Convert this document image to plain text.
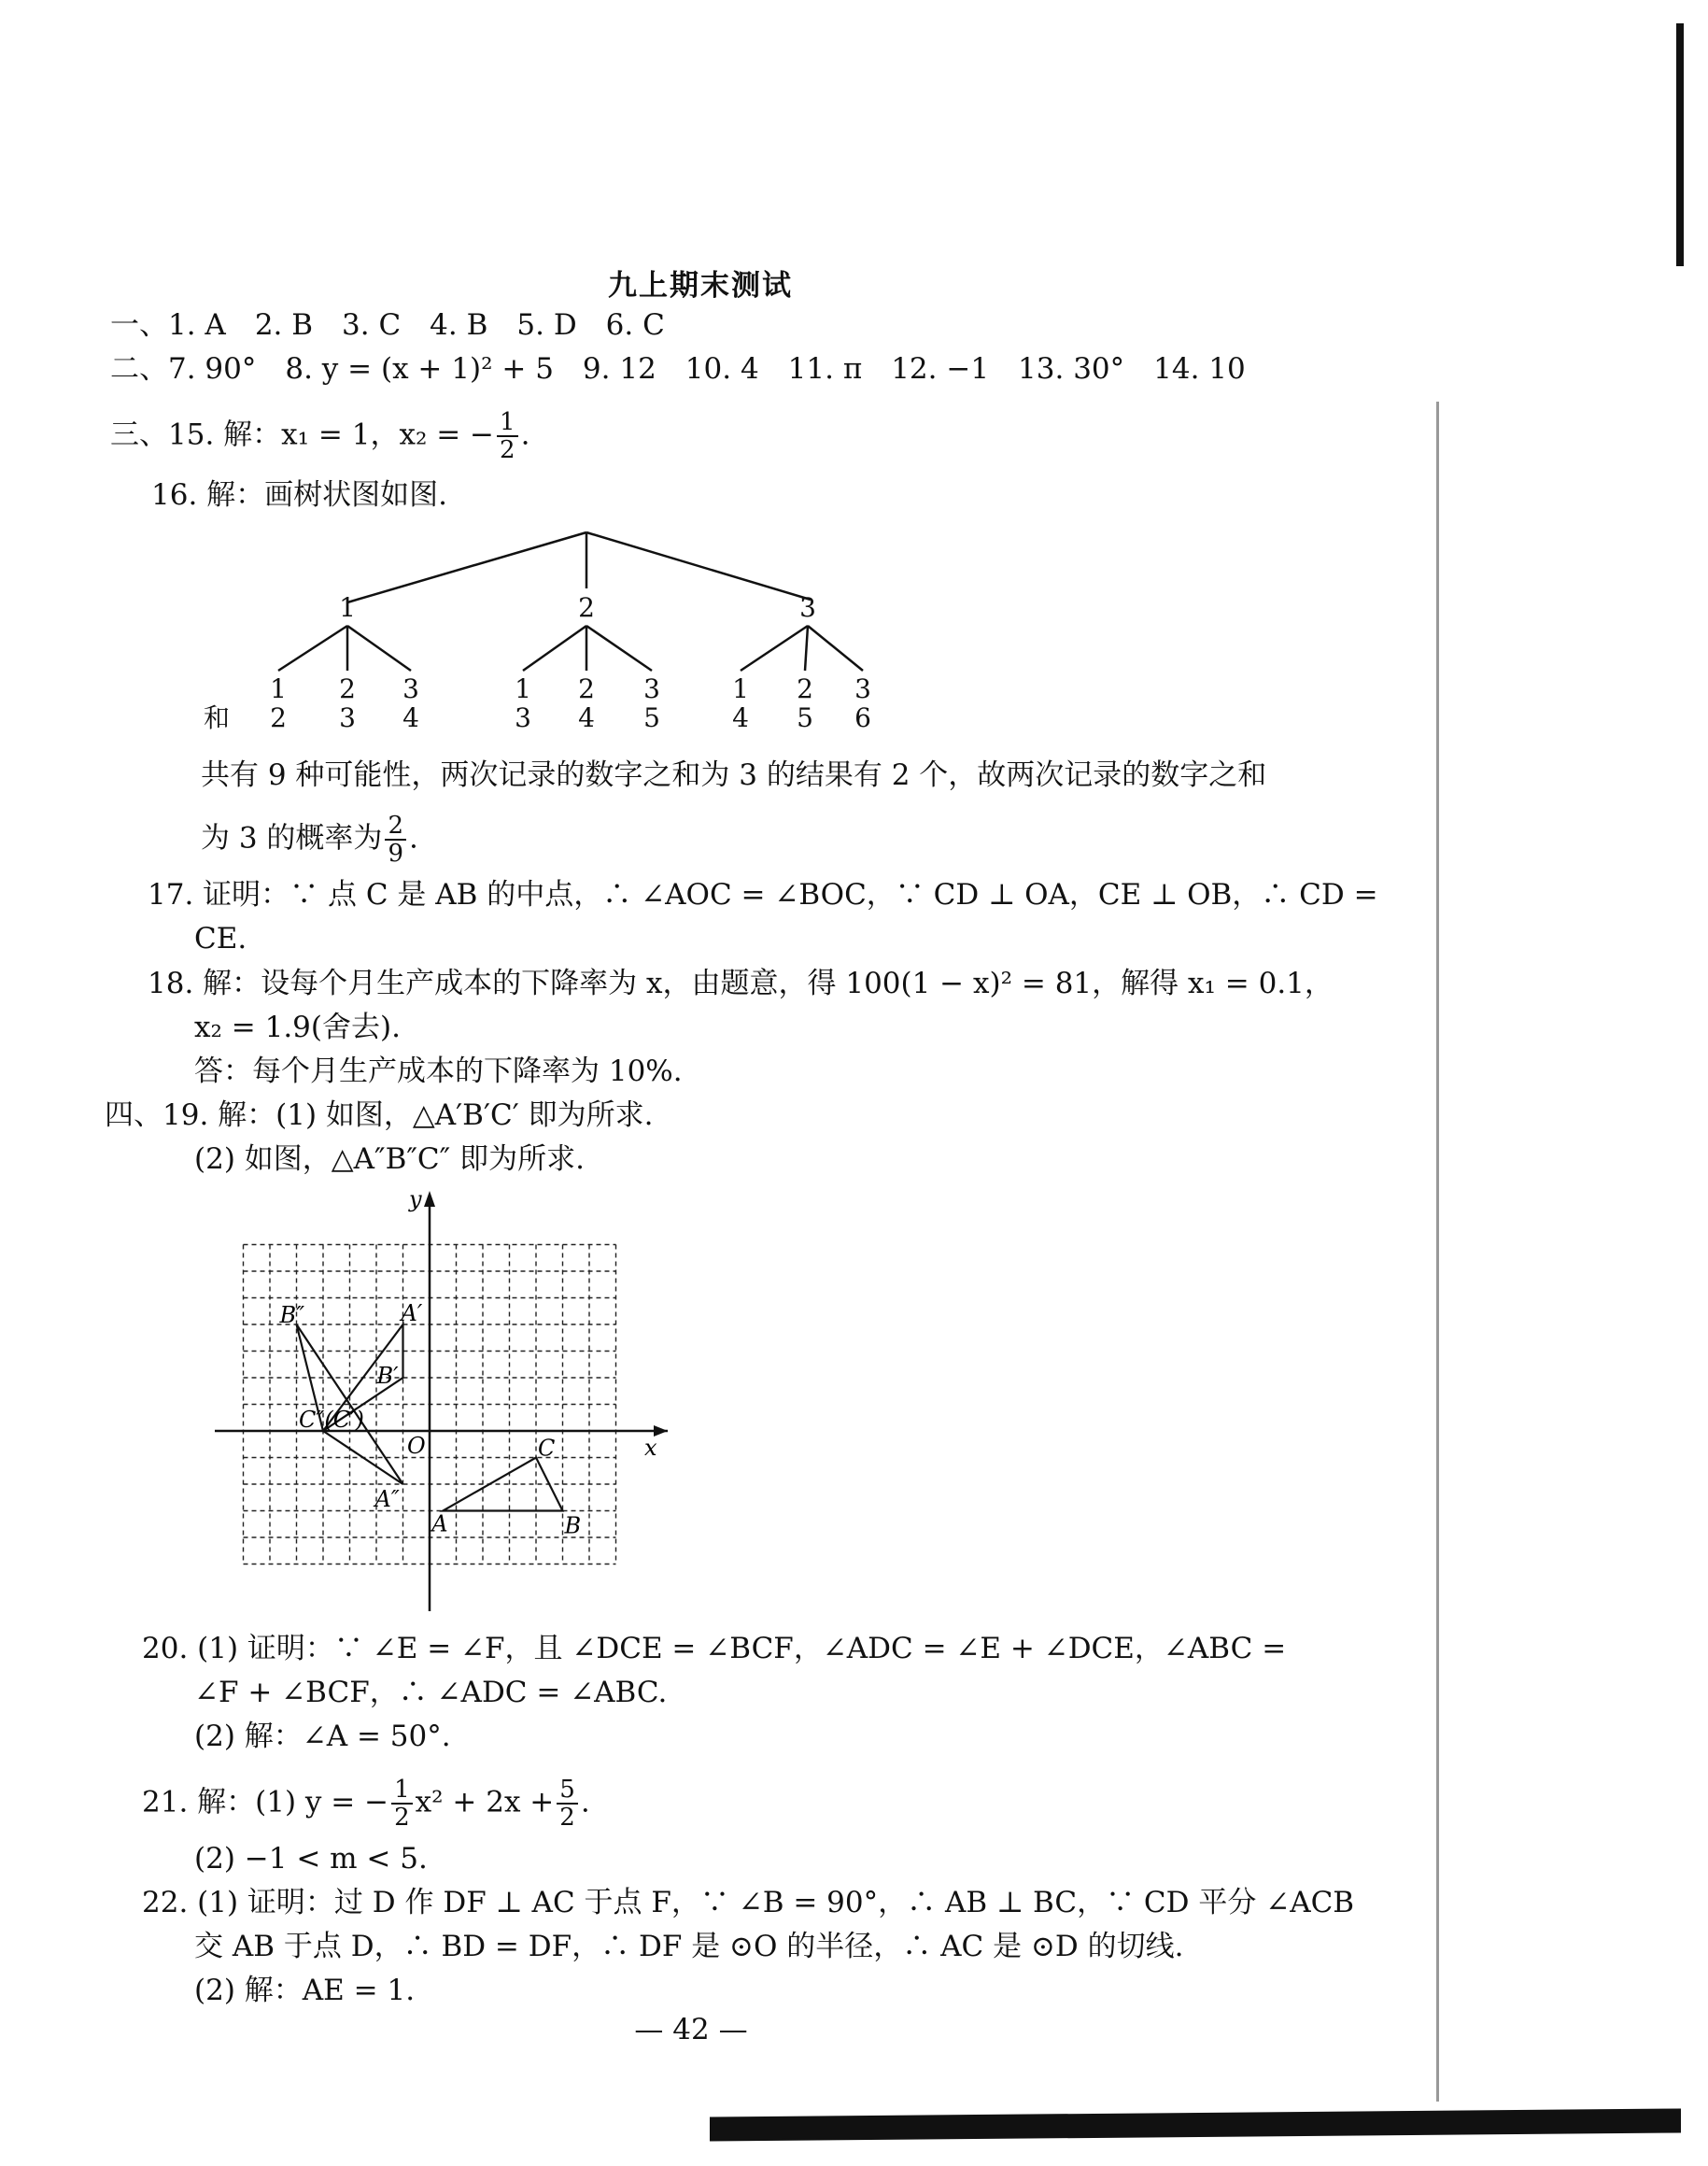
九上期末测试
一、1. A　2. B　3. C　4. B　5. D　6. C
二、7. 90°　8. y = (x + 1)² + 5　9. 12　10. 4　11. π　12. −1　13. 30°　14. 10
三、15. 解：x₁ = 1，x₂ = − $\frac{1}{2}$ .
16. 解：画树状图如图.
1	2	3
1 2 3	1 2 3	1 2 3
和 2 3 4	3 4 5	4 5 6
共有 9 种可能性，两次记录的数字之和为 3 的结果有 2 个，故两次记录的数字之和
为 3 的概率为 $\frac{2}{9}$ .
17. 证明：∵ 点 C 是 AB 的中点，∴ ∠AOC = ∠BOC，∵ CD ⊥ OA，CE ⊥ OB，∴ CD =
CE.
18. 解：设每个月生产成本的下降率为 x，由题意，得 100(1 − x)² = 81，解得 x₁ = 0.1，
x₂ = 1.9(舍去).
答：每个月生产成本的下降率为 10%.
四、19. 解：(1) 如图，△A′B′C′ 即为所求.
(2) 如图，△A″B″C″ 即为所求.
x
y
O
A	B
C
A′
B′
A″
B″
C″(C′)
20. (1) 证明：∵ ∠E = ∠F，且 ∠DCE = ∠BCF，∠ADC = ∠E + ∠DCE，∠ABC =
∠F + ∠BCF，∴ ∠ADC = ∠ABC.
(2) 解：∠A = 50°.
21. 解：(1) y = − $\frac{1}{2} x^2 + 2x + \frac{5}{2}$ .
(2) −1 < m < 5.
22. (1) 证明：过 D 作 DF ⊥ AC 于点 F，∵ ∠B = 90°，∴ AB ⊥ BC，∵ CD 平分 ∠ACB
交 AB 于点 D，∴ BD = DF，∴ DF 是 ⊙O 的半径，∴ AC 是 ⊙D 的切线.
(2) 解：AE = 1.
— 42 —
